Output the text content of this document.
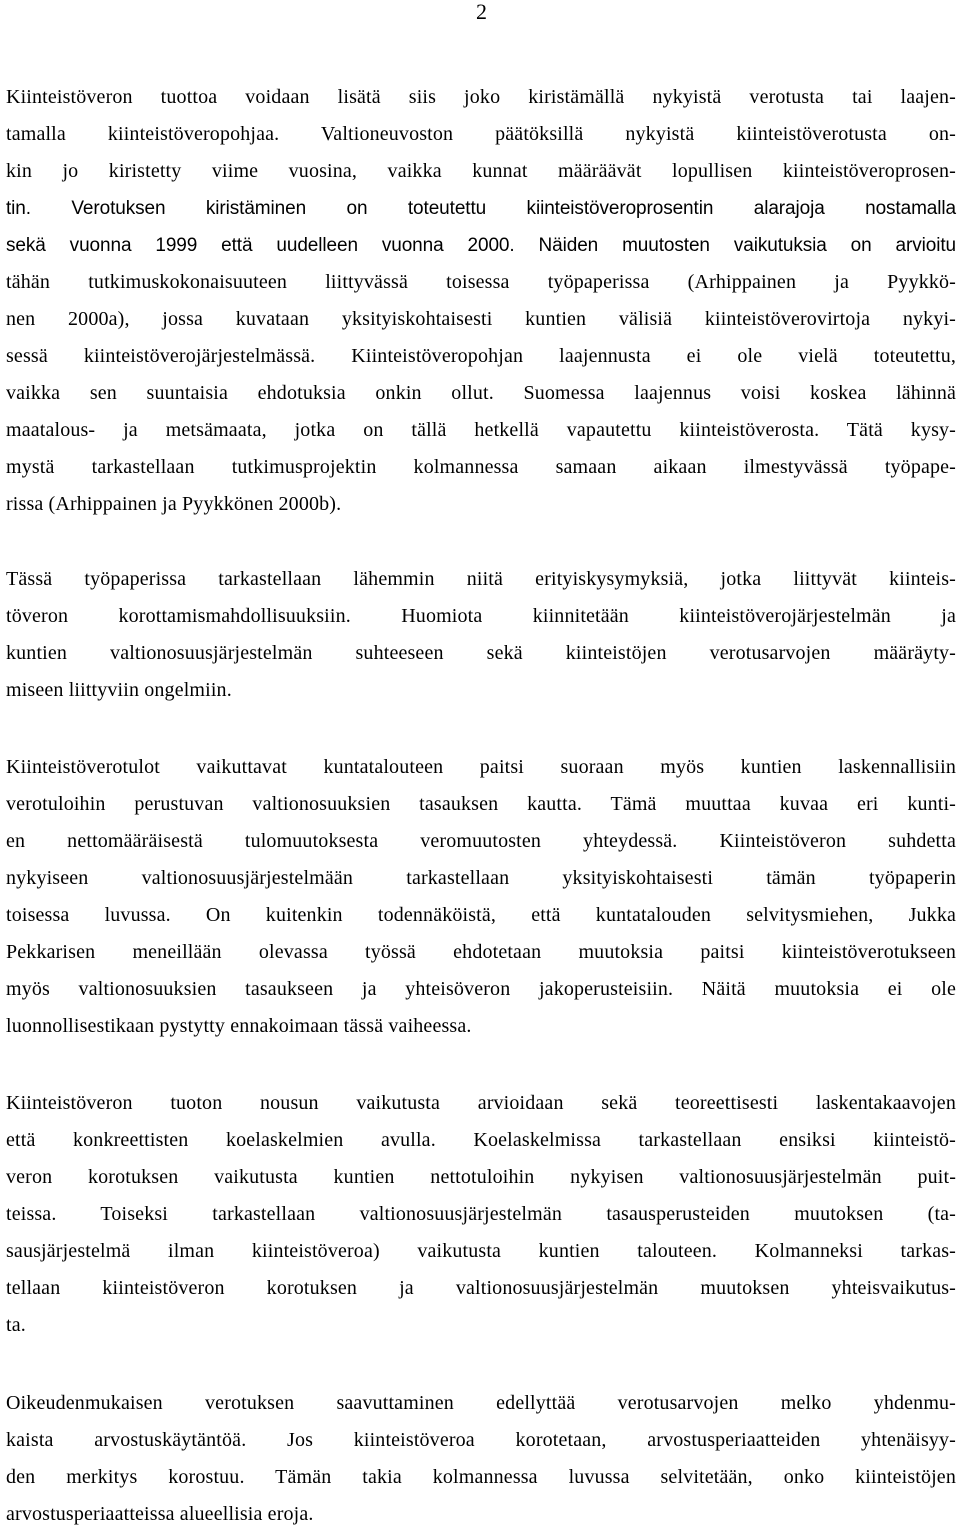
2
Kiinteistöveron tuottoa voidaan lisätä siis joko kiristämällä nykyistä verotusta tai laajen-
tamalla kiinteistöveropohjaa. Valtioneuvoston päätöksillä nykyistä kiinteistöverotusta on-
kin jo kiristetty viime vuosina, vaikka kunnat määräävät lopullisen kiinteistöveroprosen-
tin. Verotuksen kiristäminen on toteutettu kiinteistöveroprosentin alarajoja nostamalla
sekä vuonna 1999 että uudelleen vuonna 2000. Näiden muutosten vaikutuksia on arvioitu
tähän tutkimuskokonaisuuteen liittyvässä toisessa työpaperissa (Arhippainen ja Pyykkö-
nen 2000a), jossa kuvataan yksityiskohtaisesti kuntien välisiä kiinteistöverovirtoja nykyi-
sessä kiinteistöverojärjestelmässä. Kiinteistöveropohjan laajennusta ei ole vielä toteutettu,
vaikka sen suuntaisia ehdotuksia onkin ollut. Suomessa laajennus voisi koskea lähinnä
maatalous- ja metsämaata, jotka on tällä hetkellä vapautettu kiinteistöverosta. Tätä kysy-
mystä tarkastellaan tutkimusprojektin kolmannessa samaan aikaan ilmestyvässä työpape-
rissa (Arhippainen ja Pyykkönen 2000b).
Tässä työpaperissa tarkastellaan lähemmin niitä erityiskysymyksiä, jotka liittyvät kiinteis-
töveron korottamismahdollisuuksiin. Huomiota kiinnitetään kiinteistöverojärjestelmän ja
kuntien valtionosuusjärjestelmän suhteeseen sekä kiinteistöjen verotusarvojen määräyty-
miseen liittyviin ongelmiin.
Kiinteistöverotulot vaikuttavat kuntatalouteen paitsi suoraan myös kuntien laskennallisiin
verotuloihin perustuvan valtionosuuksien tasauksen kautta. Tämä muuttaa kuvaa eri kunti-
en nettomääräisestä tulomuutoksesta veromuutosten yhteydessä. Kiinteistöveron suhdetta
nykyiseen valtionosuusjärjestelmään tarkastellaan yksityiskohtaisesti tämän työpaperin
toisessa luvussa. On kuitenkin todennäköistä, että kuntatalouden selvitysmiehen, Jukka
Pekkarisen meneillään olevassa työssä ehdotetaan muutoksia paitsi kiinteistöverotukseen
myös valtionosuuksien tasaukseen ja yhteisöveron jakoperusteisiin. Näitä muutoksia ei ole
luonnollisestikaan pystytty ennakoimaan tässä vaiheessa.
Kiinteistöveron tuoton nousun vaikutusta arvioidaan sekä teoreettisesti laskentakaavojen
että konkreettisten koelaskelmien avulla. Koelaskelmissa tarkastellaan ensiksi kiinteistö-
veron korotuksen vaikutusta kuntien nettotuloihin nykyisen valtionosuusjärjestelmän puit-
teissa. Toiseksi tarkastellaan valtionosuusjärjestelmän tasausperusteiden muutoksen (ta-
sausjärjestelmä ilman kiinteistöveroa) vaikutusta kuntien talouteen. Kolmanneksi tarkas-
tellaan kiinteistöveron korotuksen ja valtionosuusjärjestelmän muutoksen yhteisvaikutus-
ta.
Oikeudenmukaisen verotuksen saavuttaminen edellyttää verotusarvojen melko yhdenmu-
kaista arvostuskäytäntöä. Jos kiinteistöveroa korotetaan, arvostusperiaatteiden yhtenäisyy-
den merkitys korostuu. Tämän takia kolmannessa luvussa selvitetään, onko kiinteistöjen
arvostusperiaatteissa alueellisia eroja.
